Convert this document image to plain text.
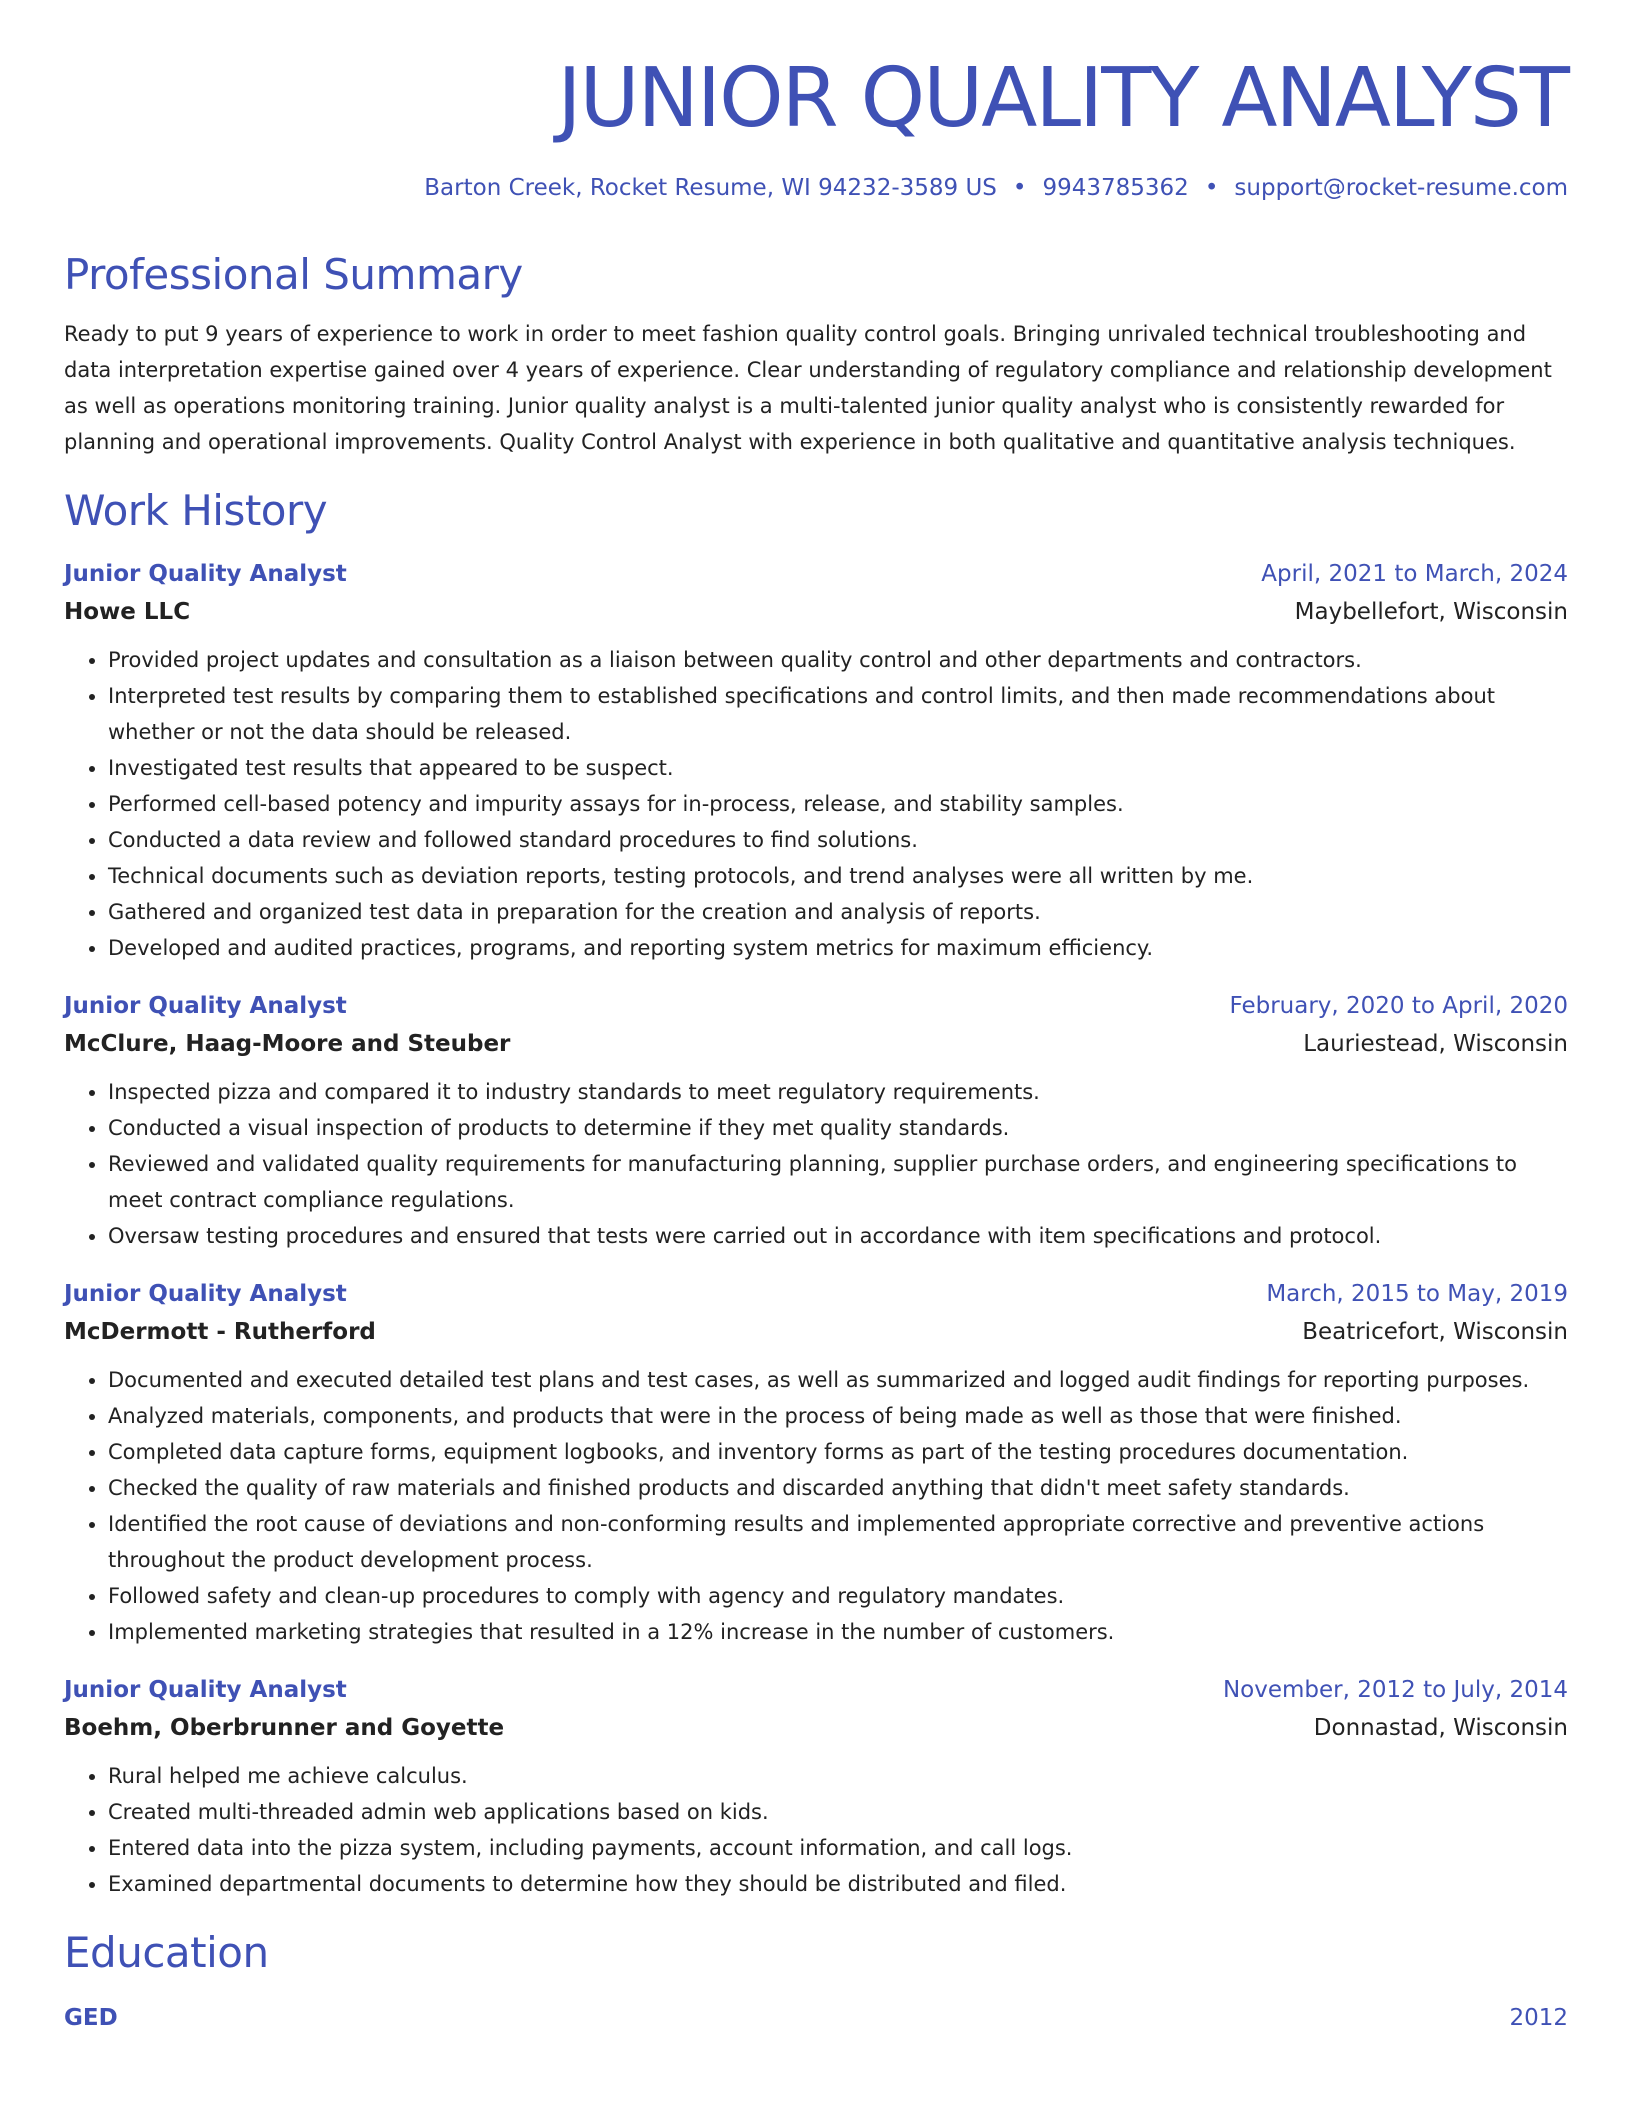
JUNIOR QUALITY ANALYST
Barton Creek, Rocket Resume, WI 94232-3589 US • 9943785362 • support@rocket-resume.com
Professional Summary

Ready to put 9 years of experience to work in order to meet fashion quality control goals. Bringing unrivaled technical troubleshooting and data interpretation expertise gained over 4 years of experience. Clear understanding of regulatory compliance and relationship development as well as operations monitoring training. Junior quality analyst is a multi-talented junior quality analyst who is consistently rewarded for planning and operational improvements. Quality Control Analyst with experience in both qualitative and quantitative analysis techniques.

Work History
Junior Quality Analyst	April, 2021 to March, 2024
Howe LLC	Maybellefort, Wisconsin
• Provided project updates and consultation as a liaison between quality control and other departments and contractors.
• Interpreted test results by comparing them to established specifications and control limits, and then made recommendations about whether or not the data should be released.
• Investigated test results that appeared to be suspect.
• Performed cell-based potency and impurity assays for in-process, release, and stability samples.
• Conducted a data review and followed standard procedures to find solutions.
• Technical documents such as deviation reports, testing protocols, and trend analyses were all written by me.
• Gathered and organized test data in preparation for the creation and analysis of reports.
• Developed and audited practices, programs, and reporting system metrics for maximum efficiency.
Junior Quality Analyst	February, 2020 to April, 2020
McClure, Haag-Moore and Steuber	Lauriestead, Wisconsin
• Inspected pizza and compared it to industry standards to meet regulatory requirements.
• Conducted a visual inspection of products to determine if they met quality standards.
• Reviewed and validated quality requirements for manufacturing planning, supplier purchase orders, and engineering specifications to meet contract compliance regulations.
• Oversaw testing procedures and ensured that tests were carried out in accordance with item specifications and protocol.
Junior Quality Analyst	March, 2015 to May, 2019
McDermott - Rutherford	Beatricefort, Wisconsin
• Documented and executed detailed test plans and test cases, as well as summarized and logged audit findings for reporting purposes.
• Analyzed materials, components, and products that were in the process of being made as well as those that were finished.
• Completed data capture forms, equipment logbooks, and inventory forms as part of the testing procedures documentation.
• Checked the quality of raw materials and finished products and discarded anything that didn't meet safety standards.
• Identified the root cause of deviations and non-conforming results and implemented appropriate corrective and preventive actions throughout the product development process.
• Followed safety and clean-up procedures to comply with agency and regulatory mandates.
• Implemented marketing strategies that resulted in a 12% increase in the number of customers.
Junior Quality Analyst	November, 2012 to July, 2014
Boehm, Oberbrunner and Goyette	Donnastad, Wisconsin
• Rural helped me achieve calculus.
• Created multi-threaded admin web applications based on kids.
• Entered data into the pizza system, including payments, account information, and call logs.
• Examined departmental documents to determine how they should be distributed and filed.
Education
GED	2012
